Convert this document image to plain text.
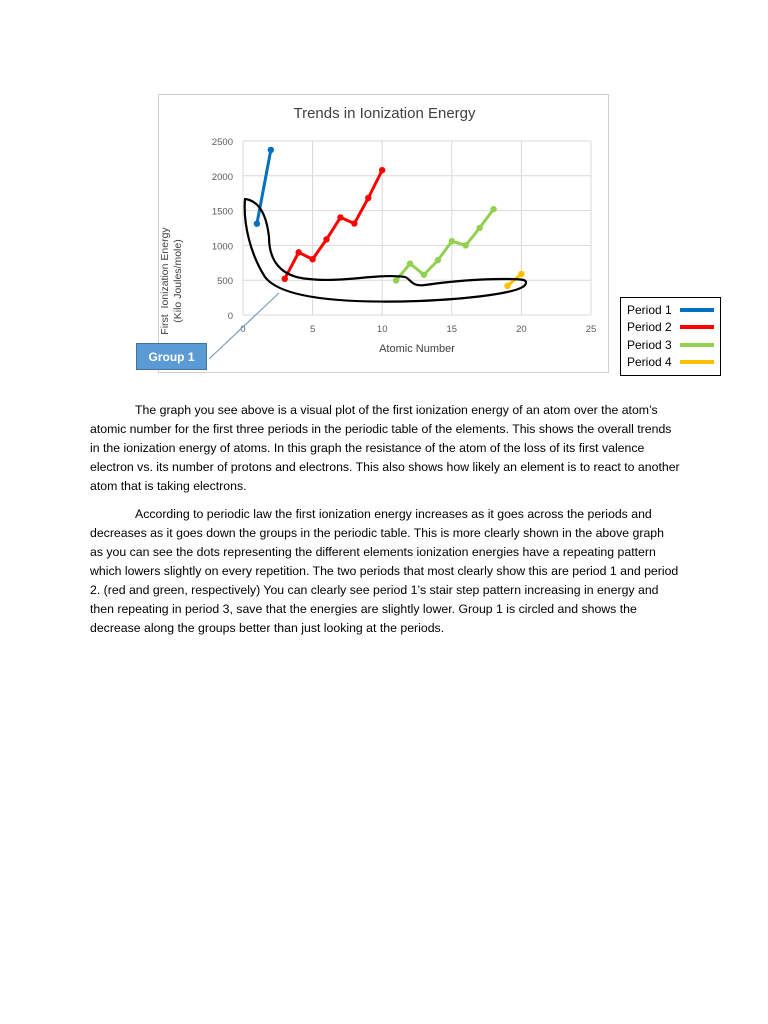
Trends in Ionization Energy
First  Ionization Energy (Kilo Joules/mole)
Atomic Number
0
500
1000
1500
2000
2500
0	5	10	15	20	25
Group 1
Period 1
Period 2
Period 3
Period 4

The graph you see above is a visual plot of the first ionization energy of an atom over the atom’s atomic number for the first three periods in the periodic table of the elements. This shows the overall trends in the ionization energy of atoms. In this graph the resistance of the atom of the loss of its first valence electron vs. its number of protons and electrons. This also shows how likely an element is to react to another atom that is taking electrons.

According to periodic law the first ionization energy increases as it goes across the periods and decreases as it goes down the groups in the periodic table. This is more clearly shown in the above graph as you can see the dots representing the different elements ionization energies have a repeating pattern which lowers slightly on every repetition. The two periods that most clearly show this are period 1 and period 2. (red and green, respectively) You can clearly see period 1’s stair step pattern increasing in energy and then repeating in period 3, save that the energies are slightly lower. Group 1 is circled and shows the decrease along the groups better than just looking at the periods.
